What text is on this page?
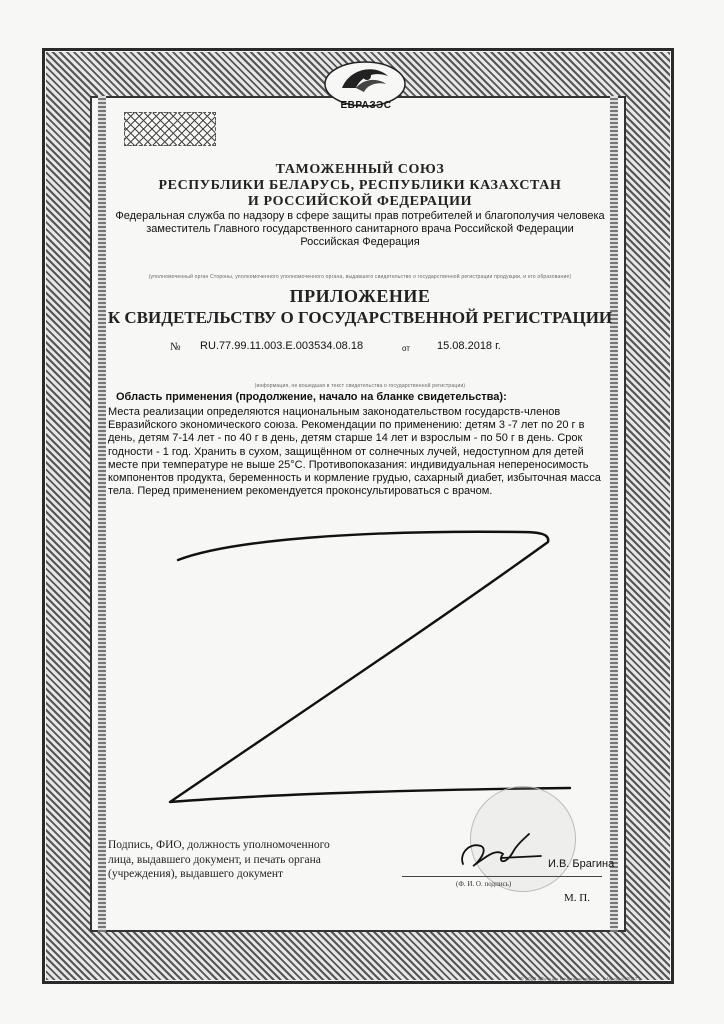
ЕВРАЗЭС
ТАМОЖЕННЫЙ СОЮЗ
РЕСПУБЛИКИ БЕЛАРУСЬ, РЕСПУБЛИКИ КАЗАХСТАН
И РОССИЙСКОЙ ФЕДЕРАЦИИ
Федеральная служба по надзору в сфере защиты прав потребителей и благополучия человека
заместитель Главного государственного санитарного врача Российской Федерации
Российская Федерация
(уполномоченный орган Стороны, уполномоченного уполномоченного органа, выдавшего свидетельство о государственной регистрации продукции, и его образование)
ПРИЛОЖЕНИЕ
К СВИДЕТЕЛЬСТВУ О ГОСУДАРСТВЕННОЙ РЕГИСТРАЦИИ
№ RU.77.99.11.003.E.003534.08.18	от 15.08.2018 г.
(информация, не вошедшая в текст свидетельства о государственной регистрации)
Область применения (продолжение, начало на бланке свидетельства):
Места реализации определяются национальным законодательством государств-членов
Евразийского экономического союза. Рекомендации по применению: детям 3 -7 лет по 20 г в
день, детям 7-14 лет - по 40 г в день, детям старше 14 лет и взрослым - по 50 г в день. Срок
годности - 1 год. Хранить в сухом, защищённом от солнечных лучей, недоступном для детей
месте при температуре не выше 25°С. Противопоказания: индивидуальная непереносимость
компонентов продукта, беременность и кормление грудью, сахарный диабет, избыточная масса
тела. Перед применением рекомендуется проконсультироваться с врачом.
Подпись, ФИО, должность уполномоченного
лица, выдавшего документ, и печать органа
(учреждения), выдавшего документ
И.В. Брагина
(Ф. И. О. подпись)
М. П.
© 2009 «Лучшие печатные двери», г. Москва, 2017 г.
